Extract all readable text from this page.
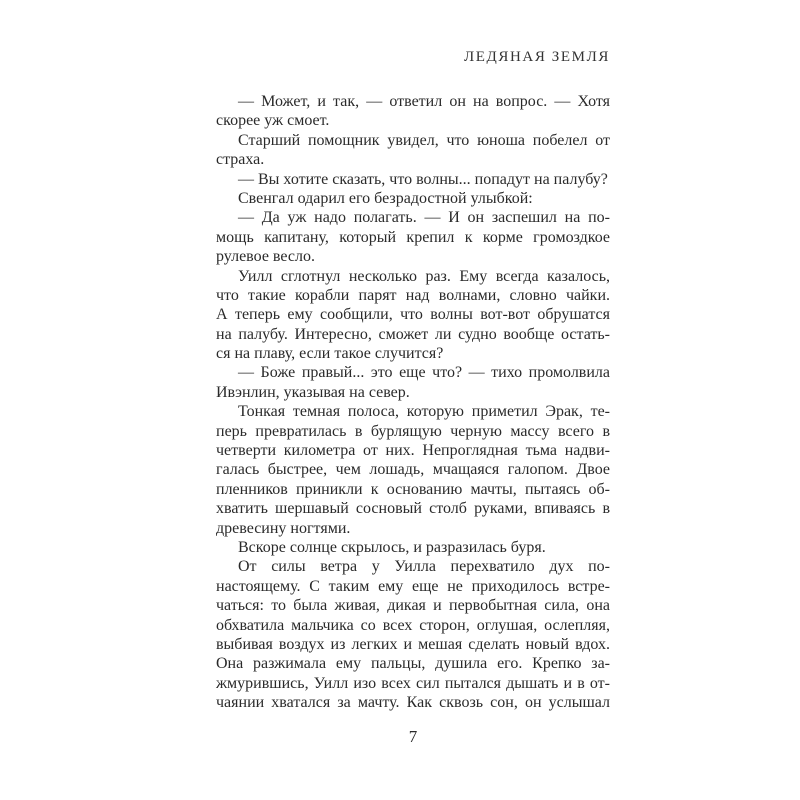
ЛЕДЯНАЯ ЗЕМЛЯ
— Может, и так, — ответил он на вопрос. — Хотя
скорее уж смоет.
Старший помощник увидел, что юноша побелел от
страха.
— Вы хотите сказать, что волны... попадут на палубу?
Свенгал одарил его безрадостной улыбкой:
— Да уж надо полагать. — И он заспешил на по-
мощь капитану, который крепил к корме громоздкое
рулевое весло.
Уилл сглотнул несколько раз. Ему всегда казалось,
что такие корабли парят над волнами, словно чайки.
А теперь ему сообщили, что волны вот-вот обрушатся
на палубу. Интересно, сможет ли судно вообще остать-
ся на плаву, если такое случится?
— Боже правый... это еще что? — тихо промолвила
Ивэнлин, указывая на север.
Тонкая темная полоса, которую приметил Эрак, те-
перь превратилась в бурлящую черную массу всего в
четверти километра от них. Непроглядная тьма надви-
галась быстрее, чем лошадь, мчащаяся галопом. Двое
пленников приникли к основанию мачты, пытаясь об-
хватить шершавый сосновый столб руками, впиваясь в
древесину ногтями.
Вскоре солнце скрылось, и разразилась буря.
От силы ветра у Уилла перехватило дух по-
настоящему. С таким ему еще не приходилось встре-
чаться: то была живая, дикая и первобытная сила, она
обхватила мальчика со всех сторон, оглушая, ослепляя,
выбивая воздух из легких и мешая сделать новый вдох.
Она разжимала ему пальцы, душила его. Крепко за-
жмурившись, Уилл изо всех сил пытался дышать и в от-
чаянии хватался за мачту. Как сквозь сон, он услышал
7
